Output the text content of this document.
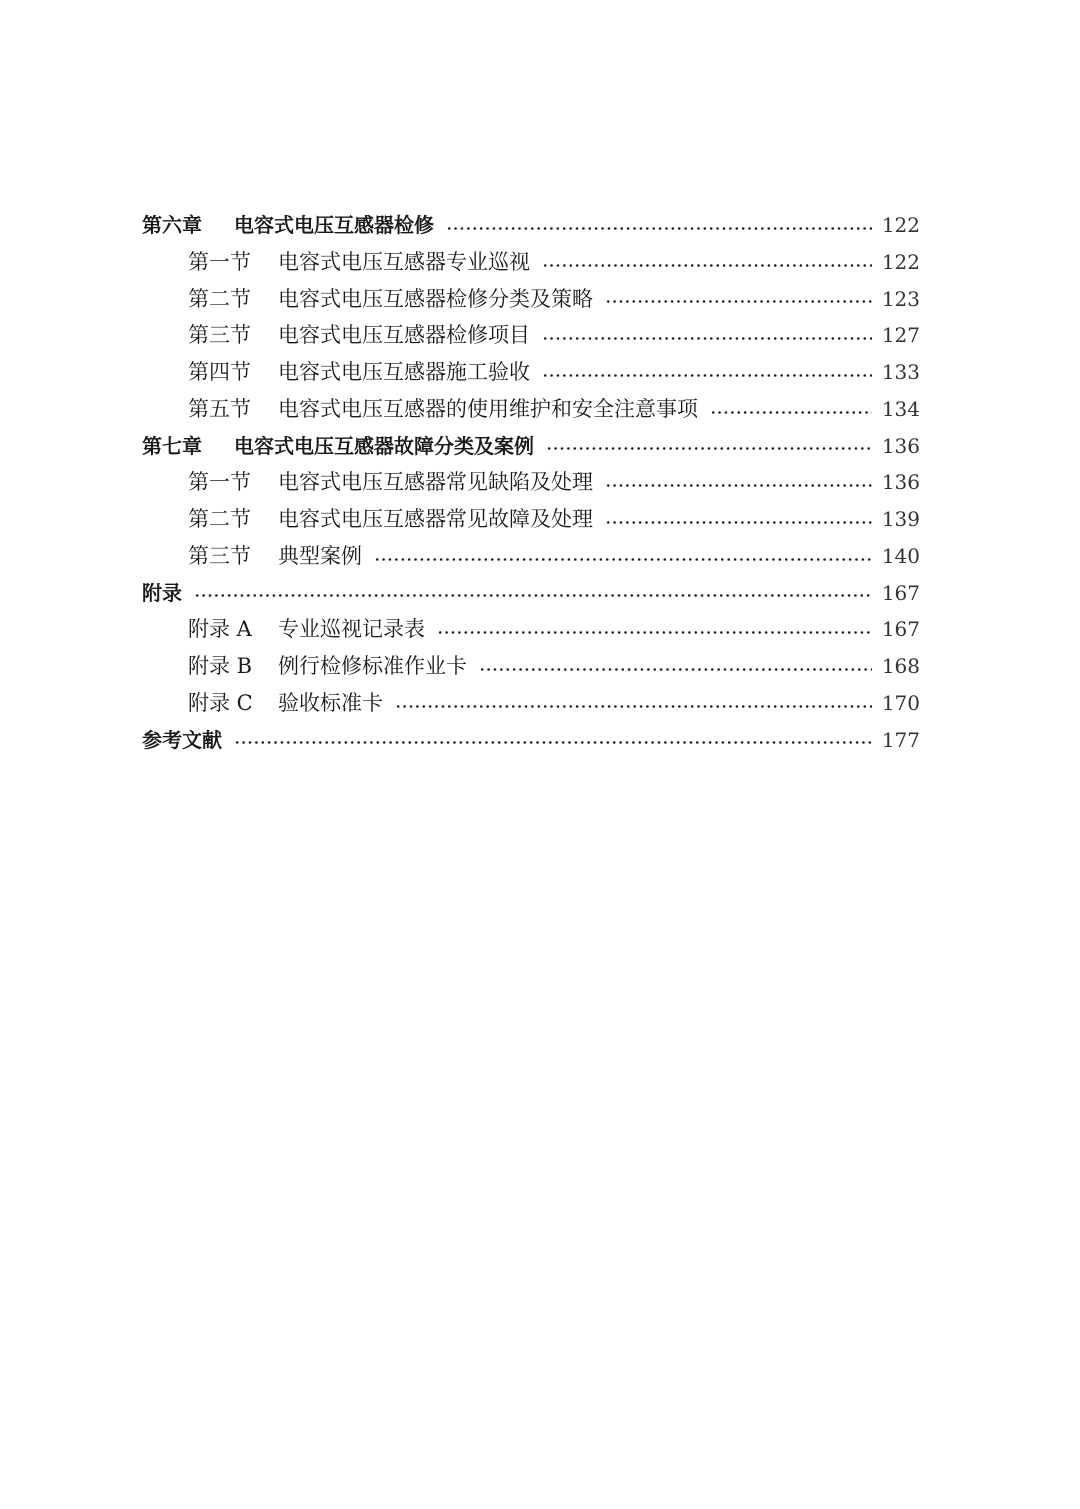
第六章 电容式电压互感器检修	122
第一节 电容式电压互感器专业巡视	122
第二节 电容式电压互感器检修分类及策略	123
第三节 电容式电压互感器检修项目	127
第四节 电容式电压互感器施工验收	133
第五节 电容式电压互感器的使用维护和安全注意事项	134
第七章 电容式电压互感器故障分类及案例	136
第一节 电容式电压互感器常见缺陷及处理	136
第二节 电容式电压互感器常见故障及处理	139
第三节 典型案例	140
附录	167
附录 A 专业巡视记录表	167
附录 B 例行检修标准作业卡	168
附录 C 验收标准卡	170
参考文献	177
